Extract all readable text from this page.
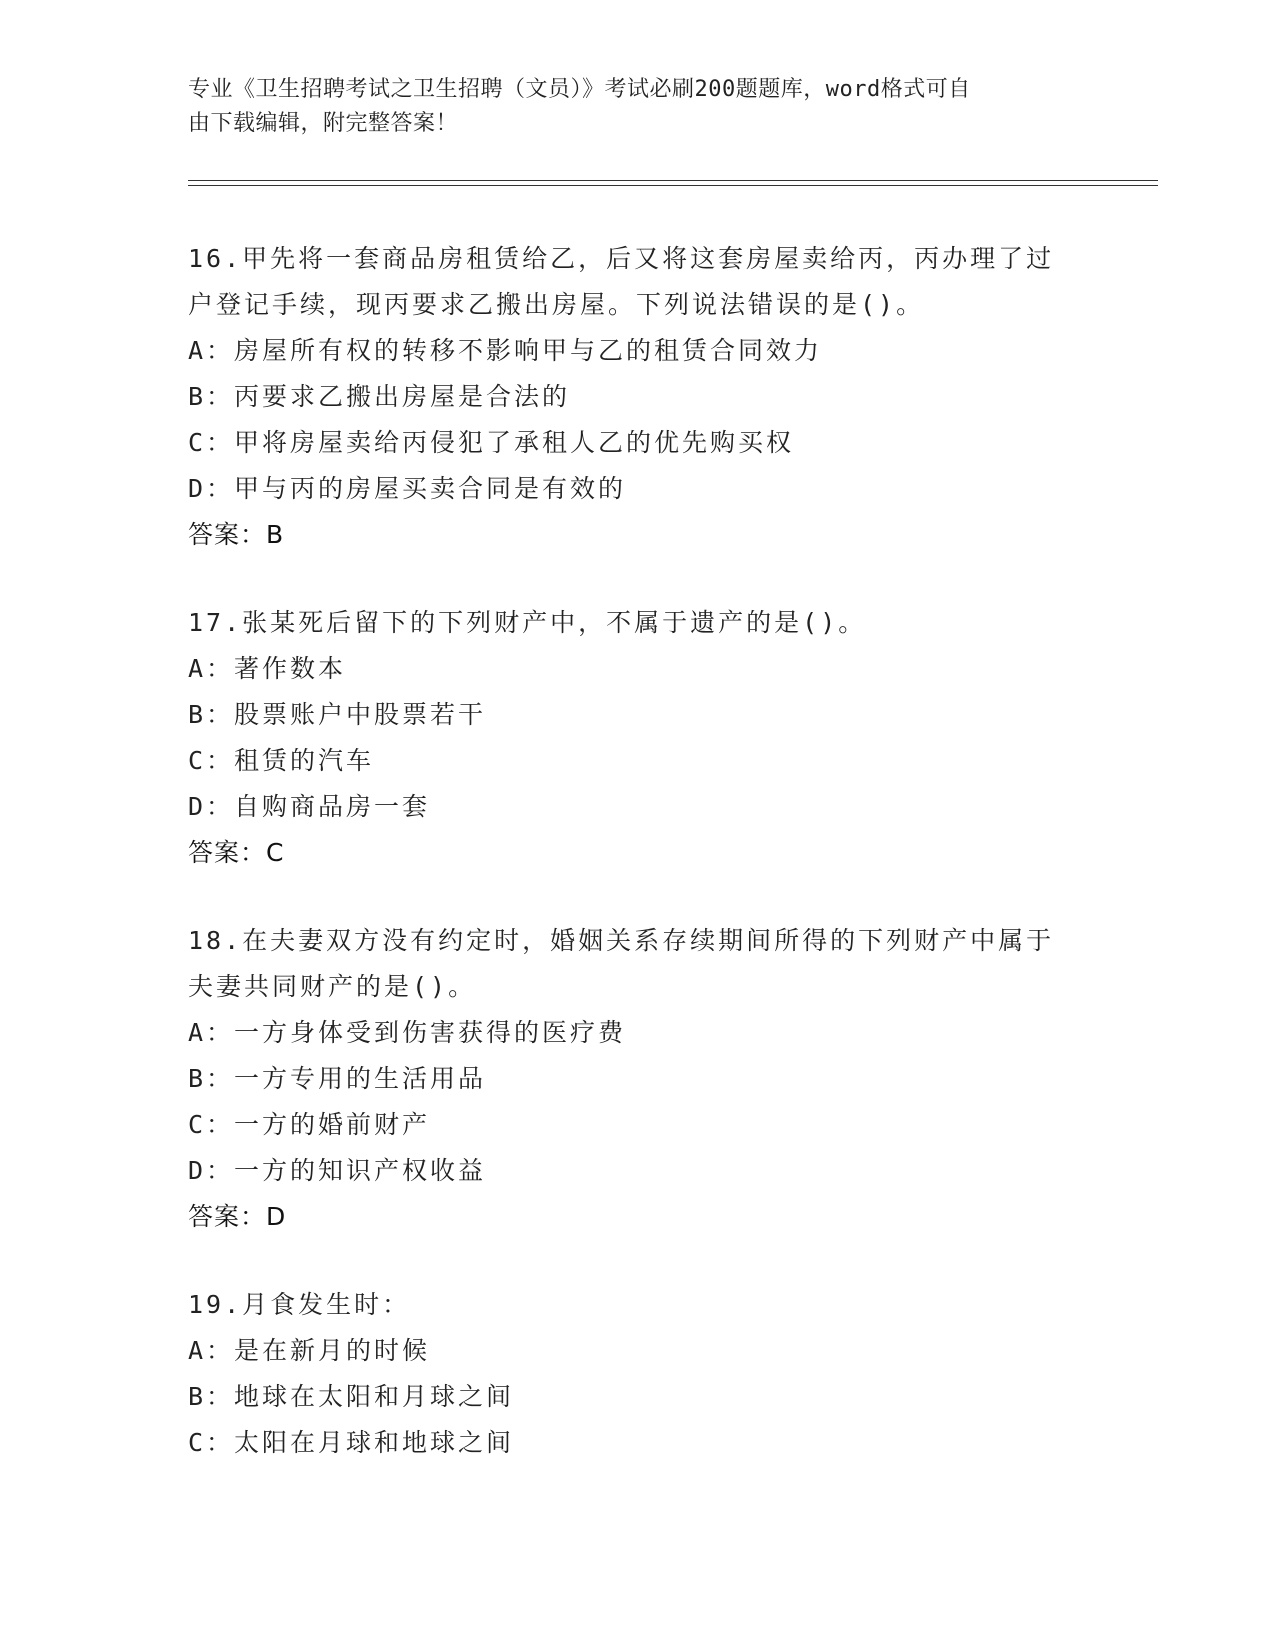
专业《卫生招聘考试之卫生招聘（文员）》考试必刷200题题库，word格式可自
由下载编辑，附完整答案！
16.甲先将一套商品房租赁给乙，后又将这套房屋卖给丙，丙办理了过
户登记手续，现丙要求乙搬出房屋。下列说法错误的是()。
A：房屋所有权的转移不影响甲与乙的租赁合同效力
B：丙要求乙搬出房屋是合法的
C：甲将房屋卖给丙侵犯了承租人乙的优先购买权
D：甲与丙的房屋买卖合同是有效的
答案：B
17.张某死后留下的下列财产中，不属于遗产的是()。
A：著作数本
B：股票账户中股票若干
C：租赁的汽车
D：自购商品房一套
答案：C
18.在夫妻双方没有约定时，婚姻关系存续期间所得的下列财产中属于
夫妻共同财产的是()。
A：一方身体受到伤害获得的医疗费
B：一方专用的生活用品
C：一方的婚前财产
D：一方的知识产权收益
答案：D
19.月食发生时：
A：是在新月的时候
B：地球在太阳和月球之间
C：太阳在月球和地球之间
